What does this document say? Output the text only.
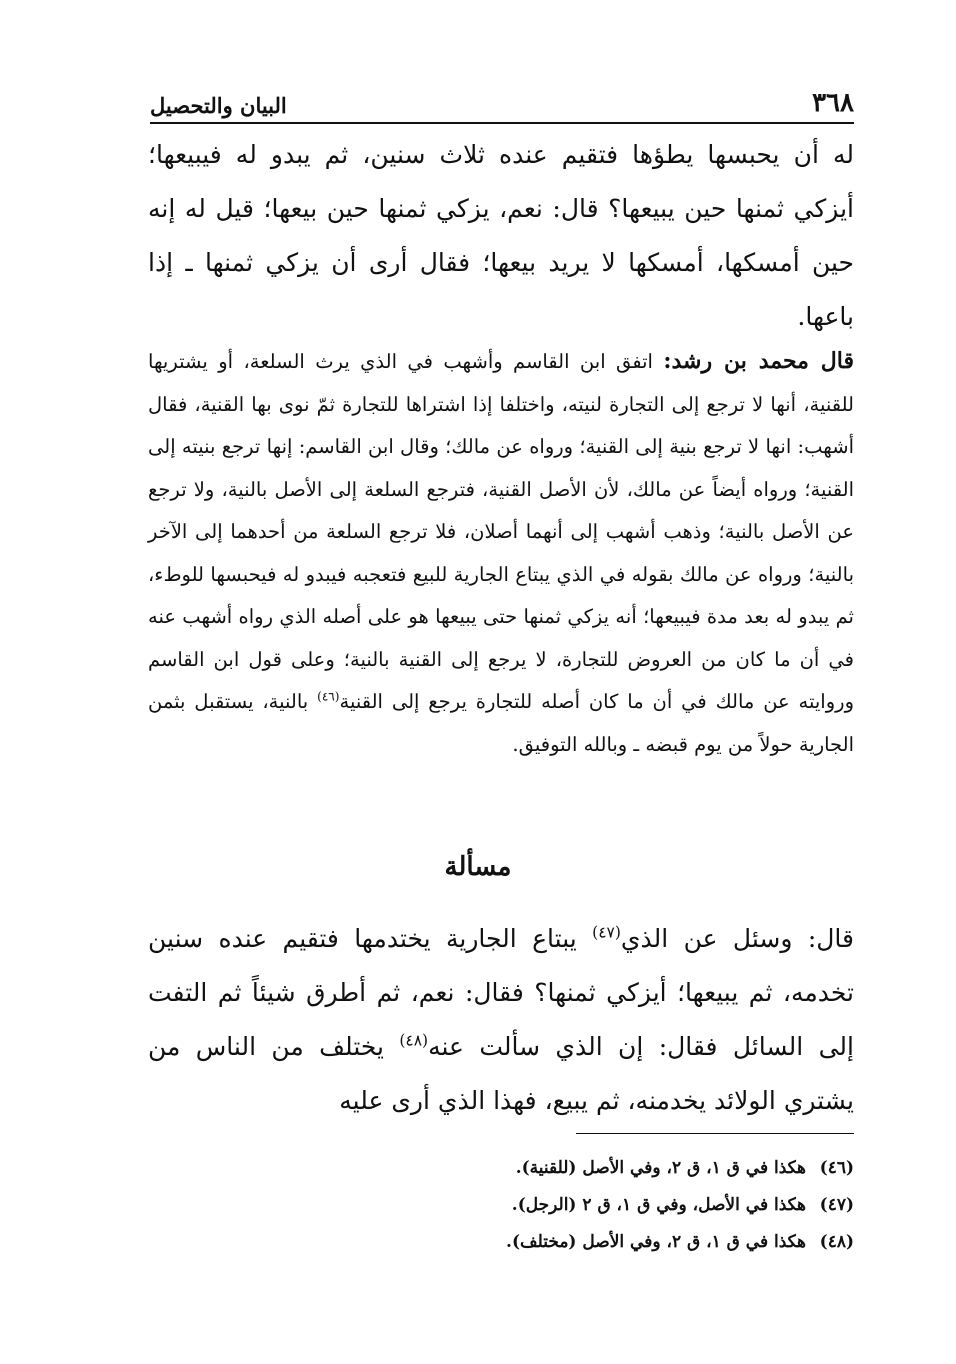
٣٦٨
البيان والتحصيل

له أن يحبسها يطؤها فتقيم عنده ثلاث سنين، ثم يبدو له فيبيعها؛ أيزكي ثمنها حين يبيعها؟ قال: نعم، يزكي ثمنها حين بيعها؛ قيل له إنه حين أمسكها، أمسكها لا يريد بيعها؛ فقال أرى أن يزكي ثمنها ـ إذا باعها.

قال محمد بن رشد: اتفق ابن القاسم وأشهب في الذي يرث السلعة، أو يشتريها للقنية، أنها لا ترجع إلى التجارة لنيته، واختلفا إذا اشتراها للتجارة ثمّ نوى بها القنية، فقال أشهب: انها لا ترجع بنية إلى القنية؛ ورواه عن مالك؛ وقال ابن القاسم: إنها ترجع بنيته إلى القنية؛ ورواه أيضاً عن مالك، لأن الأصل القنية، فترجع السلعة إلى الأصل بالنية، ولا ترجع عن الأصل بالنية؛ وذهب أشهب إلى أنهما أصلان، فلا ترجع السلعة من أحدهما إلى الآخر بالنية؛ ورواه عن مالك بقوله في الذي يبتاع الجارية للبيع فتعجبه فيبدو له فيحبسها للوطء، ثم يبدو له بعد مدة فيبيعها؛ أنه يزكي ثمنها حتى يبيعها هو على أصله الذي رواه أشهب عنه في أن ما كان من العروض للتجارة، لا يرجع إلى القنية بالنية؛ وعلى قول ابن القاسم وروايته عن مالك في أن ما كان أصله للتجارة يرجع إلى القنية$^{(٤٦)}$ بالنية، يستقبل بثمن الجارية حولاً من يوم قبضه ـ وبالله التوفيق.

مسألة

قال: وسئل عن الذي$^{(٤٧)}$ يبتاع الجارية يختدمها فتقيم عنده سنين تخدمه، ثم يبيعها؛ أيزكي ثمنها؟ فقال: نعم، ثم أطرق شيئاً ثم التفت إلى السائل فقال: إن الذي سألت عنه$^{(٤٨)}$ يختلف من الناس من يشتري الولائد يخدمنه، ثم يبيع، فهذا الذي أرى عليه

(٤٦)هكذا في ق ١، ق ٢، وفي الأصل (للقنية).
(٤٧)هكذا في الأصل، وفي ق ١، ق ٢ (الرجل).
(٤٨)هكذا في ق ١، ق ٢، وفي الأصل (مختلف).
